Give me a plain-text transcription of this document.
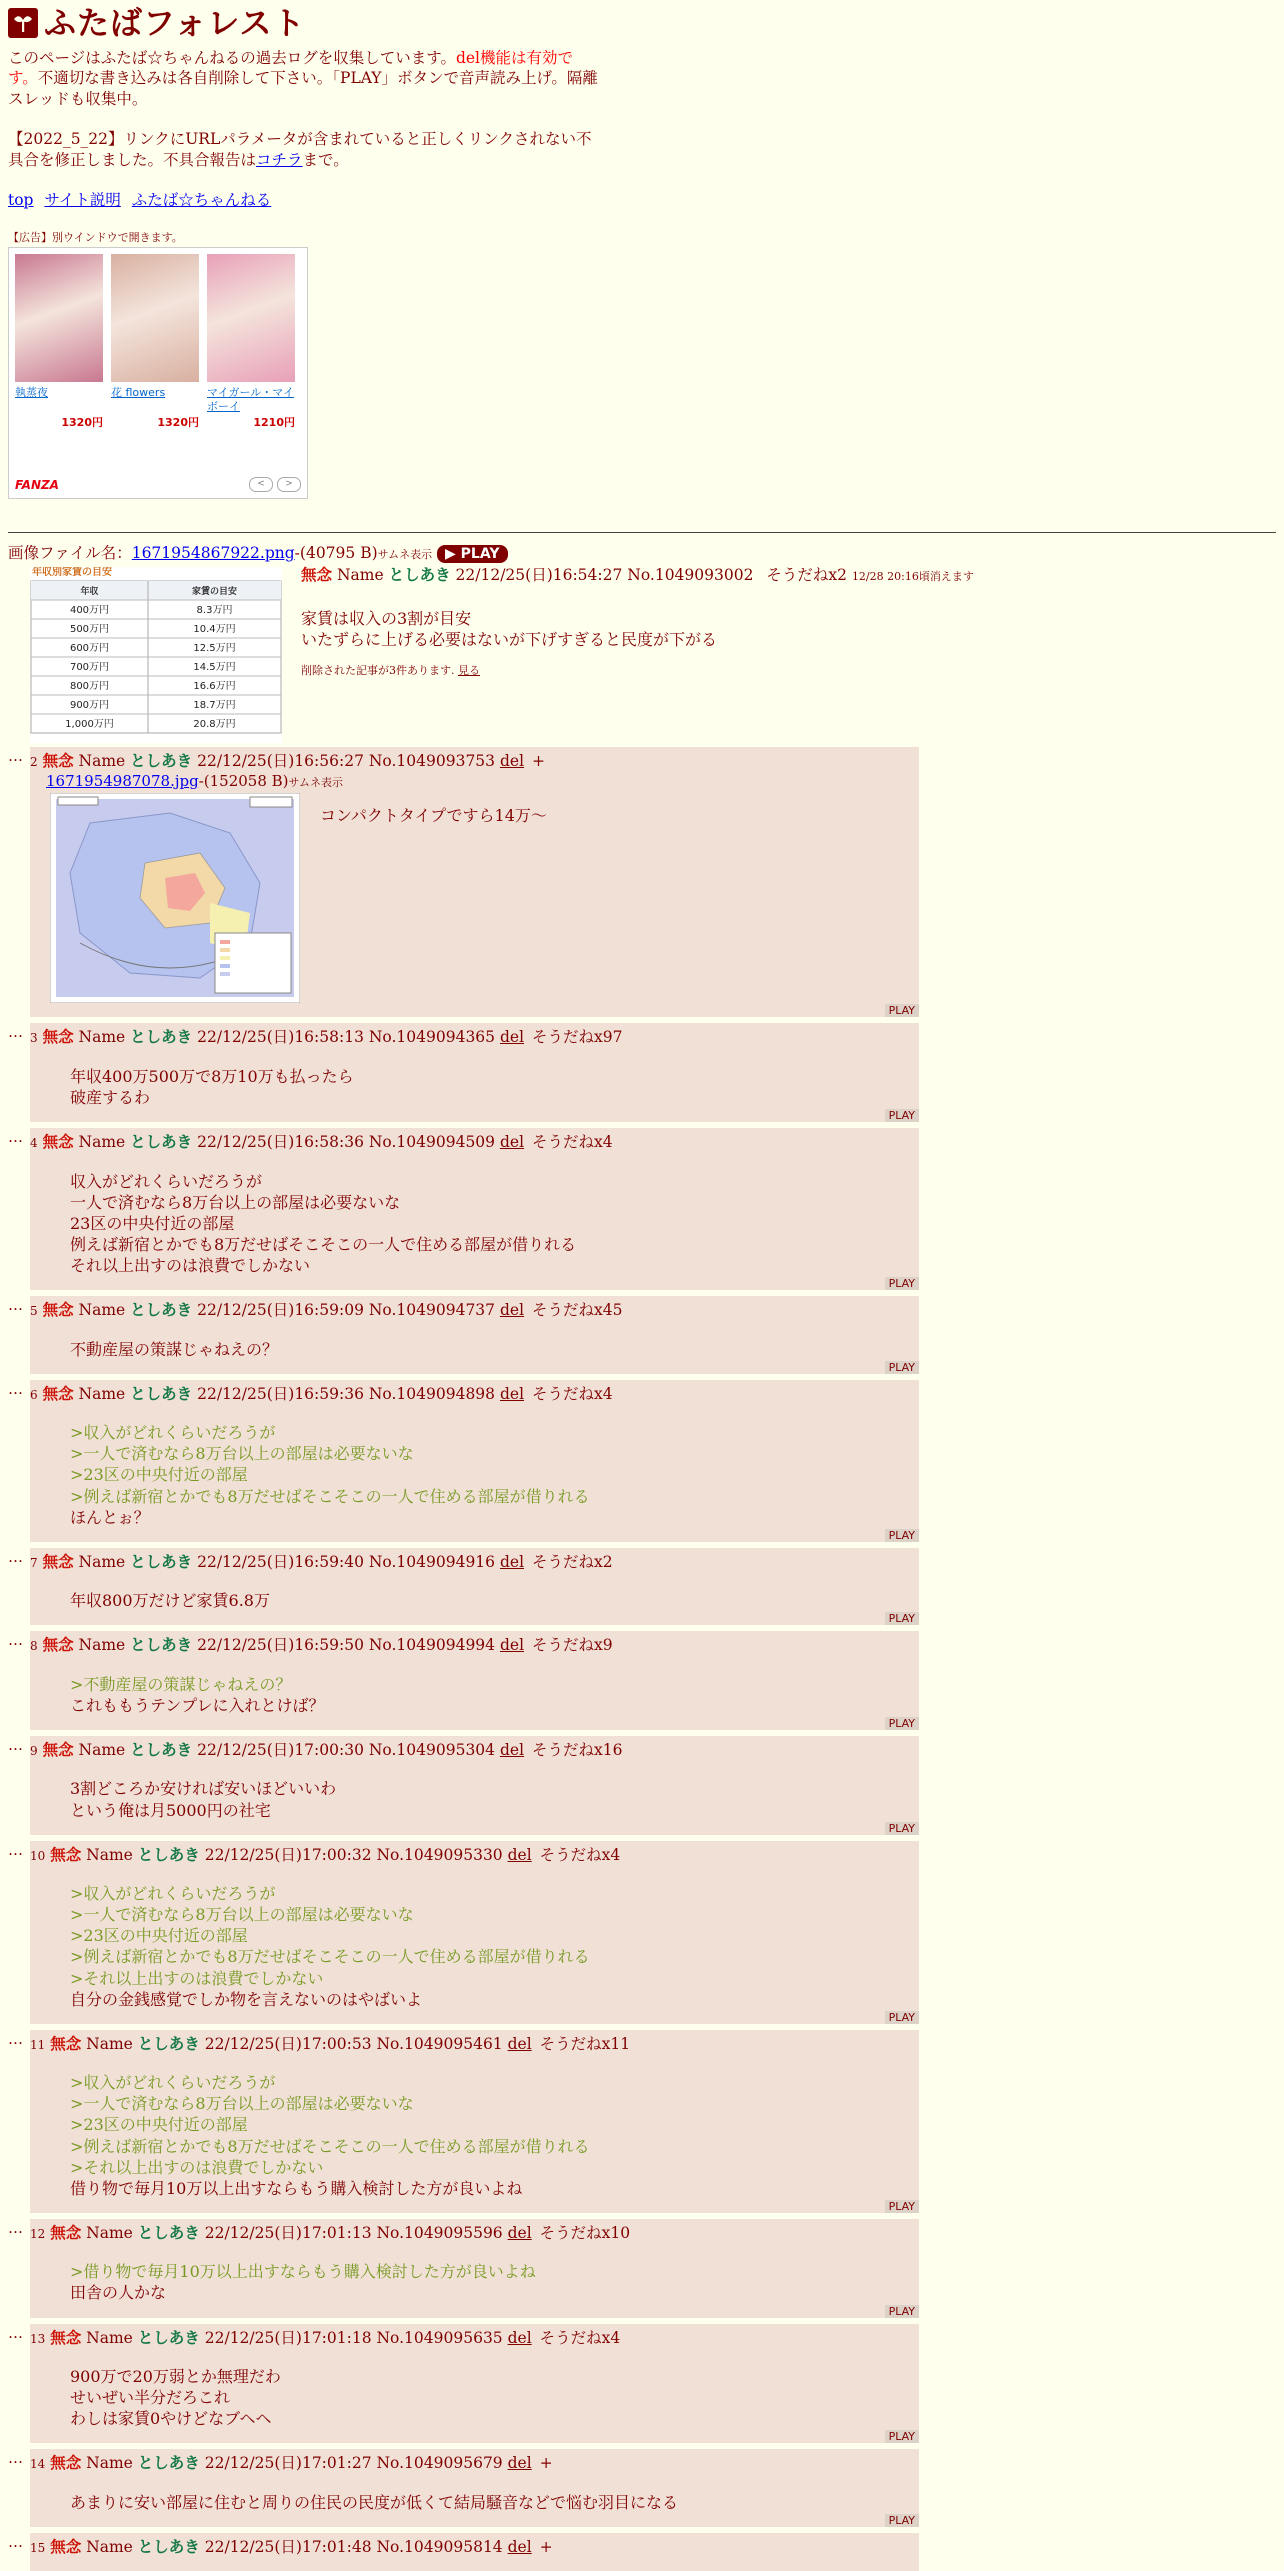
ふたばフォレスト
このページはふたば☆ちゃんねるの過去ログを収集しています。del機能は有効です。不適切な書き込みは各自削除して下さい。「PLAY」ボタンで音声読み上げ。隔離スレッドも収集中。
【2022_5_22】リンクにURLパラメータが含まれていると正しくリンクされない不具合を修正しました。不具合報告はコチラまで。
top サイト説明 ふたば☆ちゃんねる
【広告】別ウインドウで開きます。
執蒸夜
1320円
花 flowers
1320円
マイガール・マイボーイ
1210円
FANZA	<	>
画像ファイル名：1671954867922.png-(40795 B)サムネ表示 ▶ PLAY
年収別家賃の目安
年収	家賃の目安
400万円	8.3万円
500万円	10.4万円
600万円	12.5万円
700万円	14.5万円
800万円	16.6万円
900万円	18.7万円
1,000万円	20.8万円
無念 Name としあき 22/12/25(日)16:54:27 No.1049093002 そうだねx2 12/28 20:16頃消えます
家賃は収入の3割が目安
いたずらに上げる必要はないが下げすぎると民度が下がる
削除された記事が3件あります. 見る
… 2 無念 Name としあき 22/12/25(日)16:56:27 No.1049093753 del +
1671954987078.jpg-(152058 B)サムネ表示
コンパクトタイプですら14万〜
PLAY
… 3 無念 Name としあき 22/12/25(日)16:58:13 No.1049094365 del そうだねx97
年収400万500万で8万10万も払ったら
破産するわ
PLAY
… 4 無念 Name としあき 22/12/25(日)16:58:36 No.1049094509 del そうだねx4
収入がどれくらいだろうが
一人で済むなら8万台以上の部屋は必要ないな
23区の中央付近の部屋
例えば新宿とかでも8万だせばそこそこの一人で住める部屋が借りれる
それ以上出すのは浪費でしかない
PLAY
… 5 無念 Name としあき 22/12/25(日)16:59:09 No.1049094737 del そうだねx45
不動産屋の策謀じゃねえの？
PLAY
… 6 無念 Name としあき 22/12/25(日)16:59:36 No.1049094898 del そうだねx4
>収入がどれくらいだろうが
>一人で済むなら8万台以上の部屋は必要ないな
>23区の中央付近の部屋
>例えば新宿とかでも8万だせばそこそこの一人で住める部屋が借りれる
ほんとぉ？
PLAY
… 7 無念 Name としあき 22/12/25(日)16:59:40 No.1049094916 del そうだねx2
年収800万だけど家賃6.8万
PLAY
… 8 無念 Name としあき 22/12/25(日)16:59:50 No.1049094994 del そうだねx9
>不動産屋の策謀じゃねえの？
これももうテンプレに入れとけば？
PLAY
… 9 無念 Name としあき 22/12/25(日)17:00:30 No.1049095304 del そうだねx16
3割どころか安ければ安いほどいいわ
という俺は月5000円の社宅
PLAY
… 10 無念 Name としあき 22/12/25(日)17:00:32 No.1049095330 del そうだねx4
>収入がどれくらいだろうが
>一人で済むなら8万台以上の部屋は必要ないな
>23区の中央付近の部屋
>例えば新宿とかでも8万だせばそこそこの一人で住める部屋が借りれる
>それ以上出すのは浪費でしかない
自分の金銭感覚でしか物を言えないのはやばいよ
PLAY
… 11 無念 Name としあき 22/12/25(日)17:00:53 No.1049095461 del そうだねx11
>収入がどれくらいだろうが
>一人で済むなら8万台以上の部屋は必要ないな
>23区の中央付近の部屋
>例えば新宿とかでも8万だせばそこそこの一人で住める部屋が借りれる
>それ以上出すのは浪費でしかない
借り物で毎月10万以上出すならもう購入検討した方が良いよね
PLAY
… 12 無念 Name としあき 22/12/25(日)17:01:13 No.1049095596 del そうだねx10
>借り物で毎月10万以上出すならもう購入検討した方が良いよね
田舎の人かな
PLAY
… 13 無念 Name としあき 22/12/25(日)17:01:18 No.1049095635 del そうだねx4
900万で20万弱とか無理だわ
せいぜい半分だろこれ
わしは家賃0やけどなブヘヘ
PLAY
… 14 無念 Name としあき 22/12/25(日)17:01:27 No.1049095679 del +
あまりに安い部屋に住むと周りの住民の民度が低くて結局騒音などで悩む羽目になる
PLAY
… 15 無念 Name としあき 22/12/25(日)17:01:48 No.1049095814 del +
